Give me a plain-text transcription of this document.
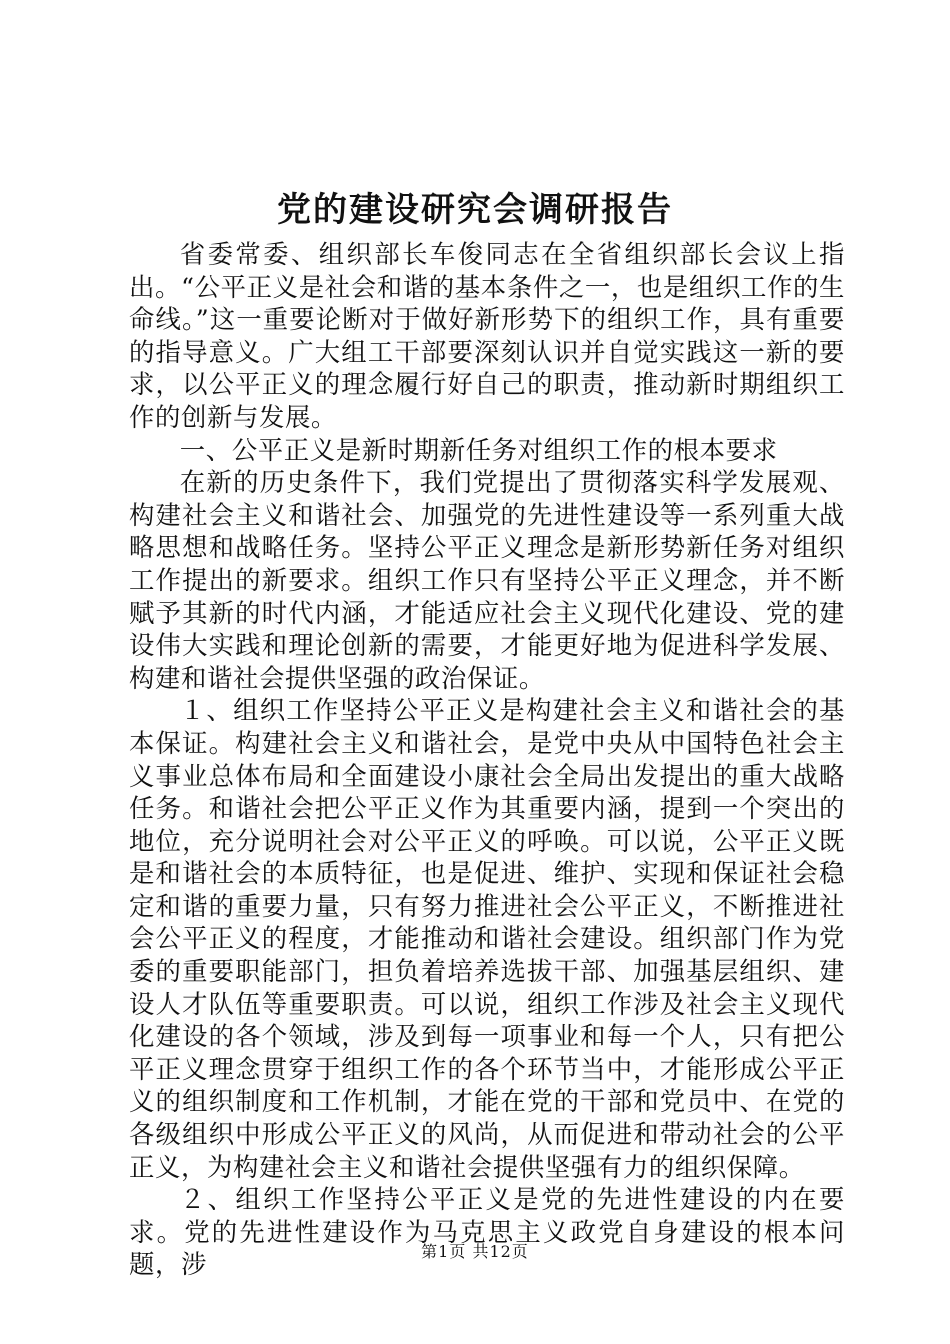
党的建设研究会调研报告

省委常委、组织部长车俊同志在全省组织部长会议上指出。“公平正义是社会和谐的基本条件之一，也是组织工作的生命线。”这一重要论断对于做好新形势下的组织工作，具有重要的指导意义。广大组工干部要深刻认识并自觉实践这一新的要求，以公平正义的理念履行好自己的职责，推动新时期组织工作的创新与发展。

一、公平正义是新时期新任务对组织工作的根本要求

在新的历史条件下，我们党提出了贯彻落实科学发展观、构建社会主义和谐社会、加强党的先进性建设等一系列重大战略思想和战略任务。坚持公平正义理念是新形势新任务对组织工作提出的新要求。组织工作只有坚持公平正义理念，并不断赋予其新的时代内涵，才能适应社会主义现代化建设、党的建设伟大实践和理论创新的需要，才能更好地为促进科学发展、构建和谐社会提供坚强的政治保证。

１、组织工作坚持公平正义是构建社会主义和谐社会的基本保证。构建社会主义和谐社会，是党中央从中国特色社会主义事业总体布局和全面建设小康社会全局出发提出的重大战略任务。和谐社会把公平正义作为其重要内涵，提到一个突出的地位，充分说明社会对公平正义的呼唤。可以说，公平正义既是和谐社会的本质特征，也是促进、维护、实现和保证社会稳定和谐的重要力量，只有努力推进社会公平正义，不断推进社会公平正义的程度，才能推动和谐社会建设。组织部门作为党委的重要职能部门，担负着培养选拔干部、加强基层组织、建设人才队伍等重要职责。可以说，组织工作涉及社会主义现代化建设的各个领域，涉及到每一项事业和每一个人，只有把公平正义理念贯穿于组织工作的各个环节当中，才能形成公平正义的组织制度和工作机制，才能在党的干部和党员中、在党的各级组织中形成公平正义的风尚，从而促进和带动社会的公平正义，为构建社会主义和谐社会提供坚强有力的组织保障。

２、组织工作坚持公平正义是党的先进性建设的内在要求。党的先进性建设作为马克思主义政党自身建设的根本问题，涉	第1页 共12页
